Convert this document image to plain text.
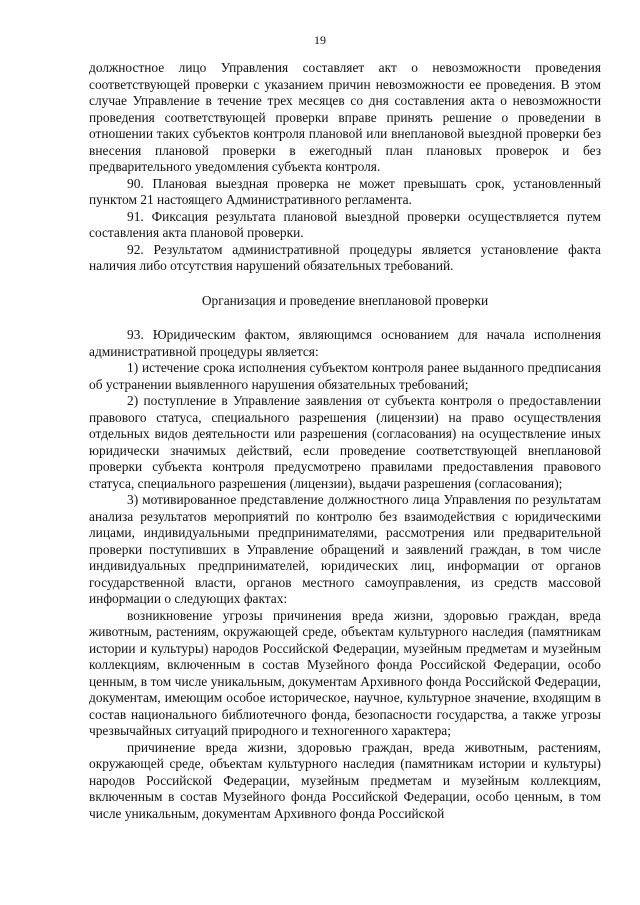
19

должностное лицо Управления составляет акт о невозможности проведения соответствующей проверки с указанием причин невозможности ее проведения. В этом случае Управление в течение трех месяцев со дня составления акта о невозможности проведения соответствующей проверки вправе принять решение о проведении в отношении таких субъектов контроля плановой или внеплановой выездной проверки без внесения плановой проверки в ежегодный план плановых проверок и без предварительного уведомления субъекта контроля.

90. Плановая выездная проверка не может превышать срок, установленный пунктом 21 настоящего Административного регламента.

91. Фиксация результата плановой выездной проверки осуществляется путем составления акта плановой проверки.

92. Результатом административной процедуры является установление факта наличия либо отсутствия нарушений обязательных требований.

Организация и проведение внеплановой проверки

93. Юридическим фактом, являющимся основанием для начала исполнения административной процедуры является:

1) истечение срока исполнения субъектом контроля ранее выданного предписания об устранении выявленного нарушения обязательных требований;

2) поступление в Управление заявления от субъекта контроля о предоставлении правового статуса, специального разрешения (лицензии) на право осуществления отдельных видов деятельности или разрешения (согласования) на осуществление иных юридически значимых действий, если проведение соответствующей внеплановой проверки субъекта контроля предусмотрено правилами предоставления правового статуса, специального разрешения (лицензии), выдачи разрешения (согласования);

3) мотивированное представление должностного лица Управления по результатам анализа результатов мероприятий по контролю без взаимодействия с юридическими лицами, индивидуальными предпринимателями, рассмотрения или предварительной проверки поступивших в Управление обращений и заявлений граждан, в том числе индивидуальных предпринимателей, юридических лиц, информации от органов государственной власти, органов местного самоуправления, из средств массовой информации о следующих фактах:

возникновение угрозы причинения вреда жизни, здоровью граждан, вреда животным, растениям, окружающей среде, объектам культурного наследия (памятникам истории и культуры) народов Российской Федерации, музейным предметам и музейным коллекциям, включенным в состав Музейного фонда Российской Федерации, особо ценным, в том числе уникальным, документам Архивного фонда Российской Федерации, документам, имеющим особое историческое, научное, культурное значение, входящим в состав национального библиотечного фонда, безопасности государства, а также угрозы чрезвычайных ситуаций природного и техногенного характера;

причинение вреда жизни, здоровью граждан, вреда животным, растениям, окружающей среде, объектам культурного наследия (памятникам истории и культуры) народов Российской Федерации, музейным предметам и музейным коллекциям, включенным в состав Музейного фонда Российской Федерации, особо ценным, в том числе уникальным, документам Архивного фонда Российской
